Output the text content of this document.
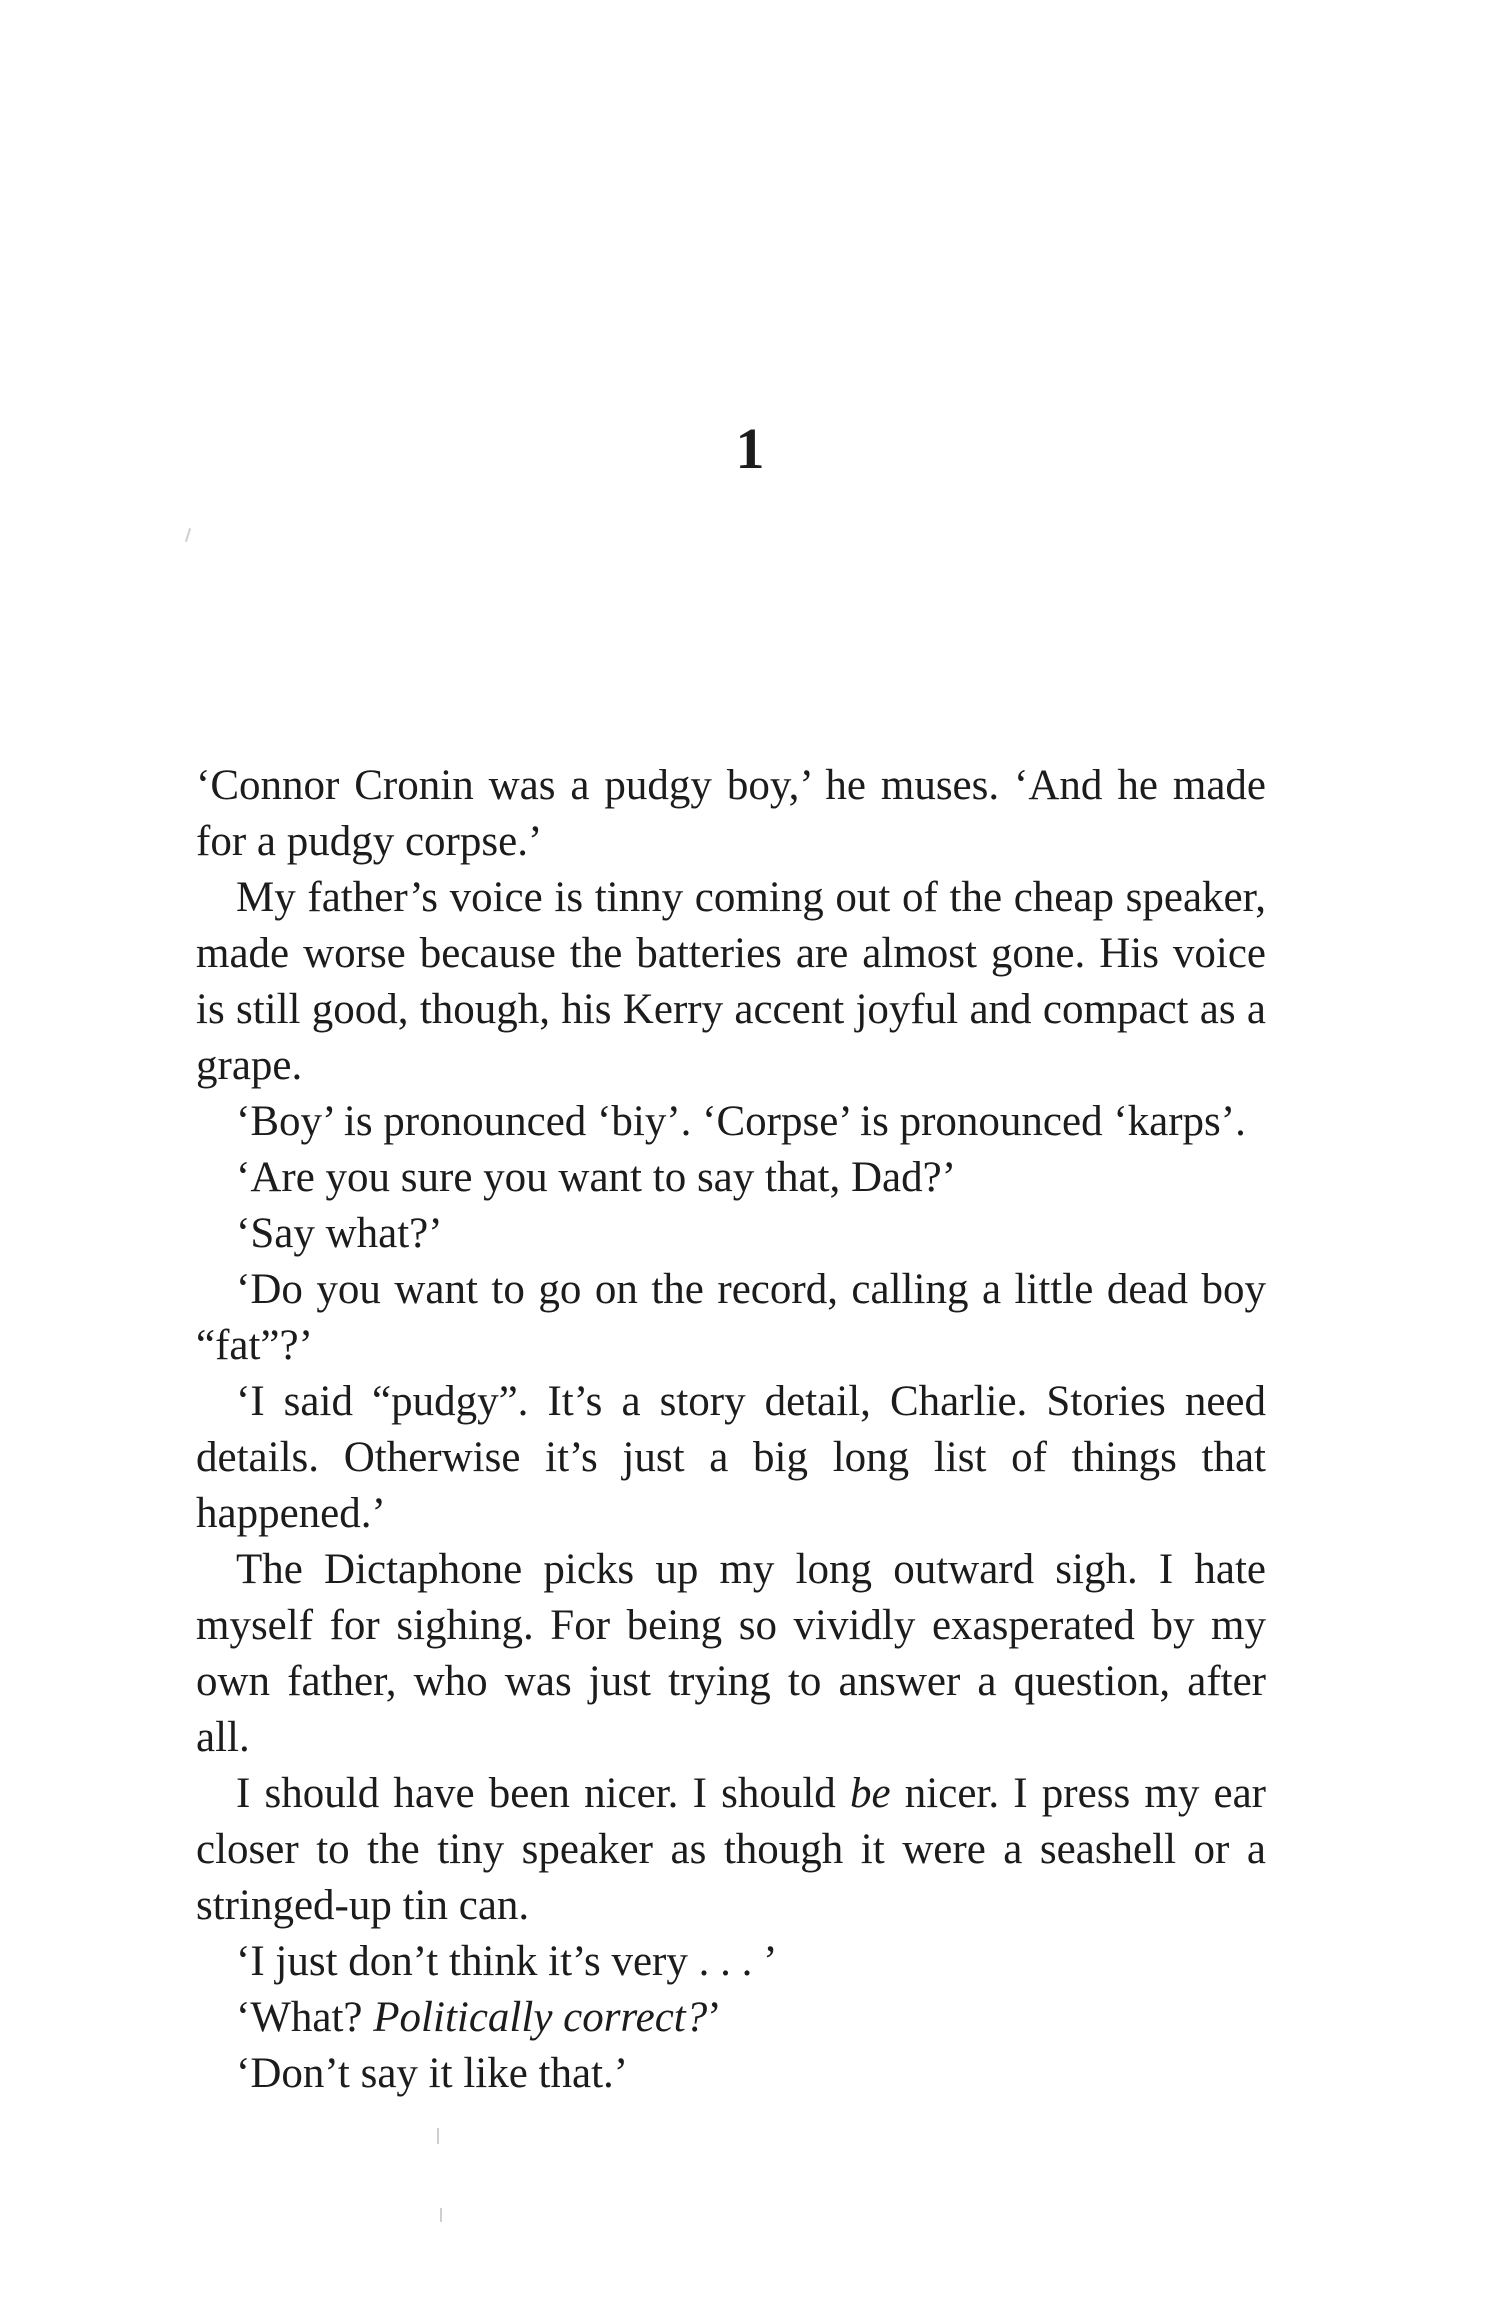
1

‘Connor Cronin was a pudgy boy,’ he muses. ‘And he made for a pudgy corpse.’

My father’s voice is tinny coming out of the cheap speaker, made worse because the batteries are almost gone. His voice is still good, though, his Kerry accent joyful and compact as a grape.

‘Boy’ is pronounced ‘biy’. ‘Corpse’ is pronounced ‘karps’.

‘Are you sure you want to say that, Dad?’

‘Say what?’

‘Do you want to go on the record, calling a little dead boy “fat”?’

‘I said “pudgy”. It’s a story detail, Charlie. Stories need details. Otherwise it’s just a big long list of things that happened.’

The Dictaphone picks up my long outward sigh. I hate myself for sighing. For being so vividly exasperated by my own father, who was just trying to answer a question, after all.

I should have been nicer. I should be nicer. I press my ear closer to the tiny speaker as though it were a seashell or a stringed-up tin can.

‘I just don’t think it’s very . . . ’

‘What? Politically correct?’

‘Don’t say it like that.’
